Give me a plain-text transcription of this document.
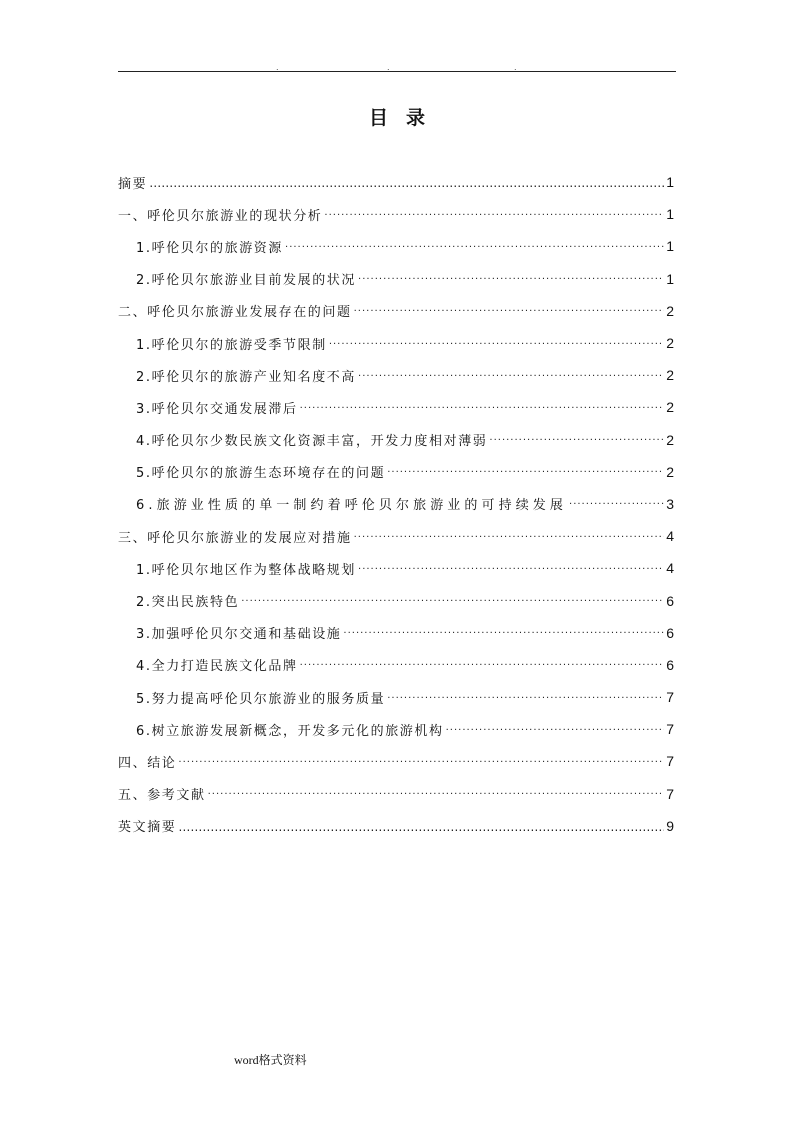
.	.	.
目录
摘要 ……………………………………………………………………………………………………………………………………………	1
一、呼伦贝尔旅游业的现状分析 ·····	1
1.呼伦贝尔的旅游资源 ·····	1
2.呼伦贝尔旅游业目前发展的状况 ·····	1
二、呼伦贝尔旅游业发展存在的问题 ·····	2
1.呼伦贝尔的旅游受季节限制 ·····	2
2.呼伦贝尔的旅游产业知名度不高 ·····	2
3.呼伦贝尔交通发展滞后 ·····	2
4.呼伦贝尔少数民族文化资源丰富，开发力度相对薄弱 ·····	2
5.呼伦贝尔的旅游生态环境存在的问题 ·····	2
6.旅游业性质的单一制约着呼伦贝尔旅游业的可持续发展 ·····	3
三、呼伦贝尔旅游业的发展应对措施 ·····	4
1.呼伦贝尔地区作为整体战略规划 ·····	4
2.突出民族特色 ·····	6
3.加强呼伦贝尔交通和基础设施 ·····	6
4.全力打造民族文化品牌 ·····	6
5.努力提高呼伦贝尔旅游业的服务质量 ·····	7
6.树立旅游发展新概念，开发多元化的旅游机构 ·····	7
四、结论 ·····	7
五、参考文献 ·····	7
英文摘要 ……………………………………………………………………………………………………………………………………………	9
word格式资料
